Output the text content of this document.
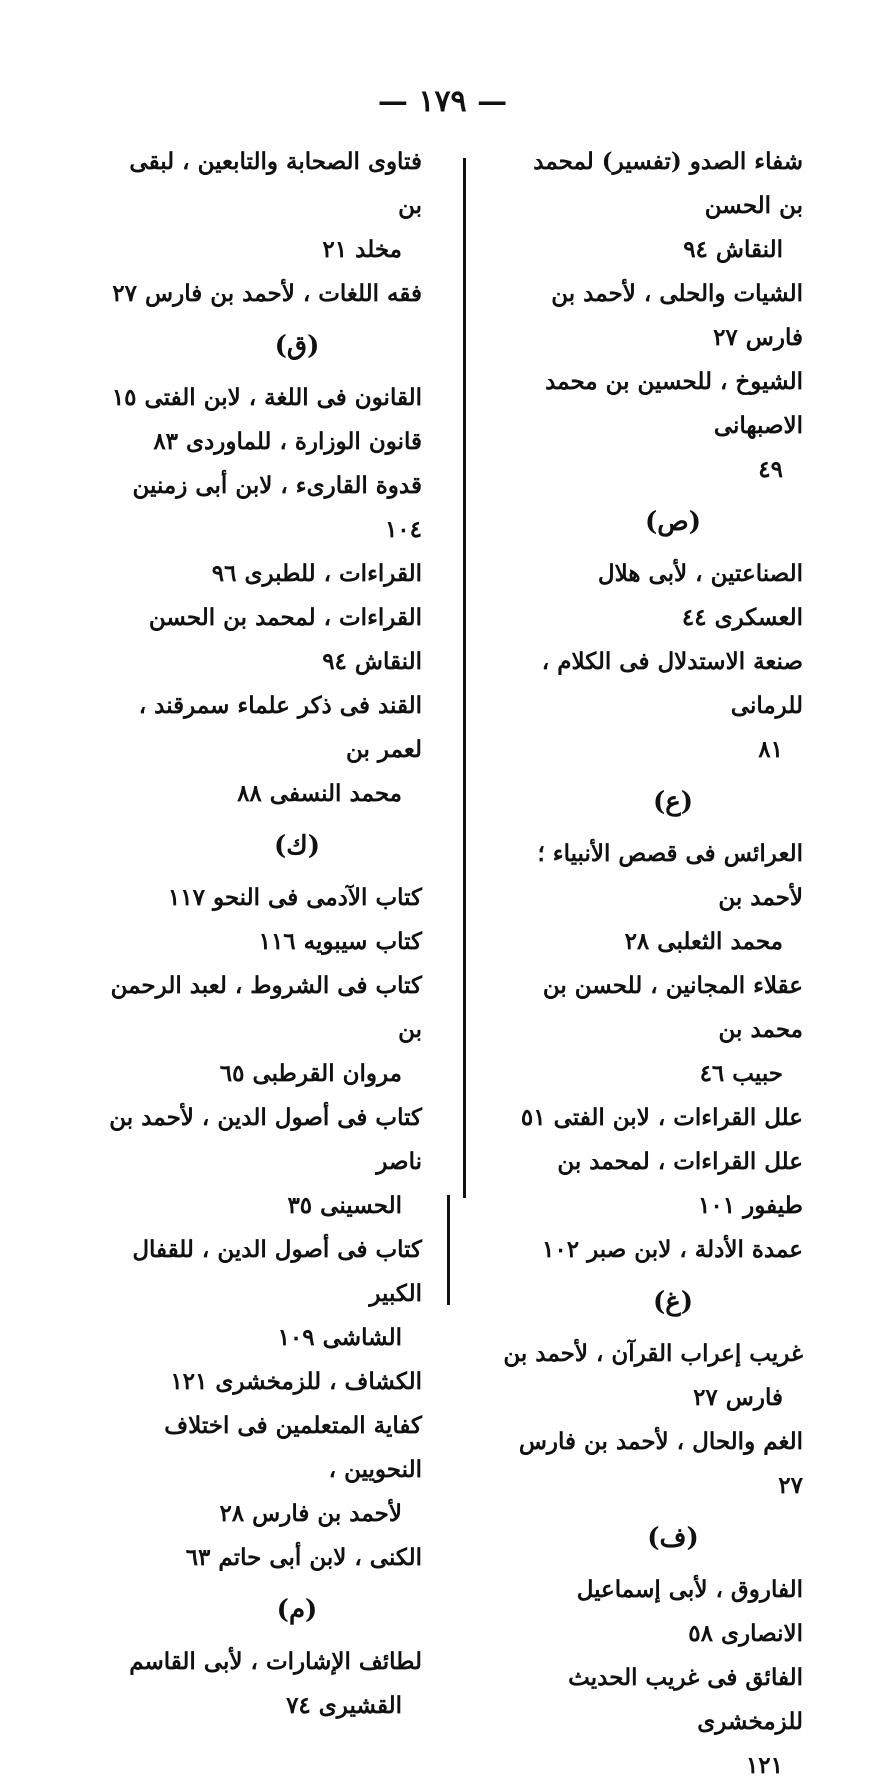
— ١٧٩ —
شفاء الصدو (تفسير) لمحمد بن الحسن
النقاش ٩٤
الشيات والحلى ، لأحمد بن فارس ٢٧
الشيوخ ، للحسين بن محمد الاصبهانى
٤٩
(ص)
الصناعتين ، لأبى هلال العسكرى ٤٤
صنعة الاستدلال فى الكلام ، للرمانى
٨١
(ع)
العرائس فى قصص الأنبياء ؛ لأحمد بن
محمد الثعلبى ٢٨
عقلاء المجانين ، للحسن بن محمد بن
حبيب ٤٦
علل القراءات ، لابن الفتى ٥١
علل القراءات ، لمحمد بن طيفور ١٠١
عمدة الأدلة ، لابن صبر ١٠٢
(غ)
غريب إعراب القرآن ، لأحمد بن
فارس ٢٧
الغم والحال ، لأحمد بن فارس ٢٧
(ف)
الفاروق ، لأبى إسماعيل الانصارى ٥٨
الفائق فى غريب الحديث للزمخشرى
١٢١
فتاوى الصحابة والتابعين ، لبقى بن
مخلد ٢١
فقه اللغات ، لأحمد بن فارس ٢٧
(ق)
القانون فى اللغة ، لابن الفتى ١٥
قانون الوزارة ، للماوردى ٨٣
قدوة القارىء ، لابن أبى زمنين ١٠٤
القراءات ، للطبرى ٩٦
القراءات ، لمحمد بن الحسن النقاش ٩٤
القند فى ذكر علماء سمرقند ، لعمر بن
محمد النسفى ٨٨
(ك)
كتاب الآدمى فى النحو ١١٧
كتاب سيبويه ١١٦
كتاب فى الشروط ، لعبد الرحمن بن
مروان القرطبى ٦٥
كتاب فى أصول الدين ، لأحمد بن ناصر
الحسينى ٣٥
كتاب فى أصول الدين ، للقفال الكبير
الشاشى ١٠٩
الكشاف ، للزمخشرى ١٢١
كفاية المتعلمين فى اختلاف النحويين ،
لأحمد بن فارس ٢٨
الكنى ، لابن أبى حاتم ٦٣
(م)
لطائف الإشارات ، لأبى القاسم
القشيرى ٧٤
